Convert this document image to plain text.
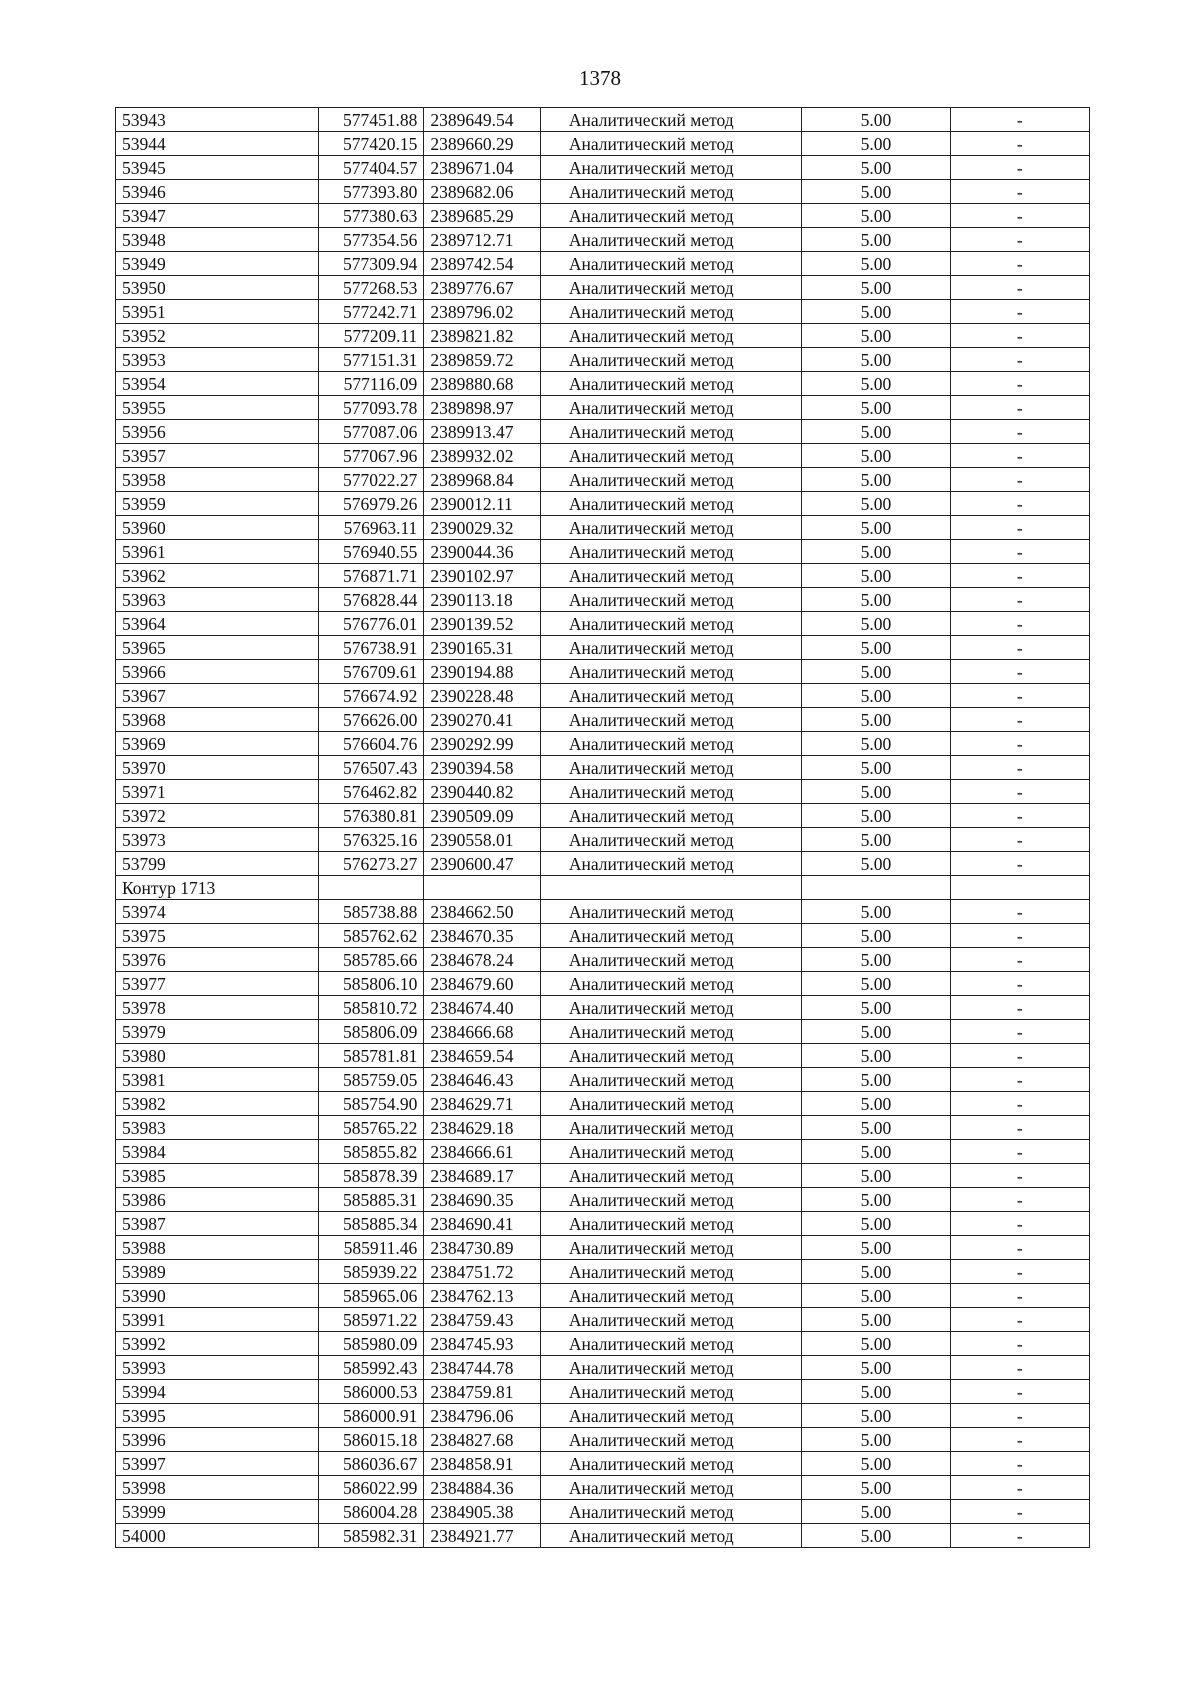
1378
53943	577451.88	2389649.54	Аналитический метод	5.00	-
53944	577420.15	2389660.29	Аналитический метод	5.00	-
53945	577404.57	2389671.04	Аналитический метод	5.00	-
53946	577393.80	2389682.06	Аналитический метод	5.00	-
53947	577380.63	2389685.29	Аналитический метод	5.00	-
53948	577354.56	2389712.71	Аналитический метод	5.00	-
53949	577309.94	2389742.54	Аналитический метод	5.00	-
53950	577268.53	2389776.67	Аналитический метод	5.00	-
53951	577242.71	2389796.02	Аналитический метод	5.00	-
53952	577209.11	2389821.82	Аналитический метод	5.00	-
53953	577151.31	2389859.72	Аналитический метод	5.00	-
53954	577116.09	2389880.68	Аналитический метод	5.00	-
53955	577093.78	2389898.97	Аналитический метод	5.00	-
53956	577087.06	2389913.47	Аналитический метод	5.00	-
53957	577067.96	2389932.02	Аналитический метод	5.00	-
53958	577022.27	2389968.84	Аналитический метод	5.00	-
53959	576979.26	2390012.11	Аналитический метод	5.00	-
53960	576963.11	2390029.32	Аналитический метод	5.00	-
53961	576940.55	2390044.36	Аналитический метод	5.00	-
53962	576871.71	2390102.97	Аналитический метод	5.00	-
53963	576828.44	2390113.18	Аналитический метод	5.00	-
53964	576776.01	2390139.52	Аналитический метод	5.00	-
53965	576738.91	2390165.31	Аналитический метод	5.00	-
53966	576709.61	2390194.88	Аналитический метод	5.00	-
53967	576674.92	2390228.48	Аналитический метод	5.00	-
53968	576626.00	2390270.41	Аналитический метод	5.00	-
53969	576604.76	2390292.99	Аналитический метод	5.00	-
53970	576507.43	2390394.58	Аналитический метод	5.00	-
53971	576462.82	2390440.82	Аналитический метод	5.00	-
53972	576380.81	2390509.09	Аналитический метод	5.00	-
53973	576325.16	2390558.01	Аналитический метод	5.00	-
53799	576273.27	2390600.47	Аналитический метод	5.00	-
Контур 1713					
53974	585738.88	2384662.50	Аналитический метод	5.00	-
53975	585762.62	2384670.35	Аналитический метод	5.00	-
53976	585785.66	2384678.24	Аналитический метод	5.00	-
53977	585806.10	2384679.60	Аналитический метод	5.00	-
53978	585810.72	2384674.40	Аналитический метод	5.00	-
53979	585806.09	2384666.68	Аналитический метод	5.00	-
53980	585781.81	2384659.54	Аналитический метод	5.00	-
53981	585759.05	2384646.43	Аналитический метод	5.00	-
53982	585754.90	2384629.71	Аналитический метод	5.00	-
53983	585765.22	2384629.18	Аналитический метод	5.00	-
53984	585855.82	2384666.61	Аналитический метод	5.00	-
53985	585878.39	2384689.17	Аналитический метод	5.00	-
53986	585885.31	2384690.35	Аналитический метод	5.00	-
53987	585885.34	2384690.41	Аналитический метод	5.00	-
53988	585911.46	2384730.89	Аналитический метод	5.00	-
53989	585939.22	2384751.72	Аналитический метод	5.00	-
53990	585965.06	2384762.13	Аналитический метод	5.00	-
53991	585971.22	2384759.43	Аналитический метод	5.00	-
53992	585980.09	2384745.93	Аналитический метод	5.00	-
53993	585992.43	2384744.78	Аналитический метод	5.00	-
53994	586000.53	2384759.81	Аналитический метод	5.00	-
53995	586000.91	2384796.06	Аналитический метод	5.00	-
53996	586015.18	2384827.68	Аналитический метод	5.00	-
53997	586036.67	2384858.91	Аналитический метод	5.00	-
53998	586022.99	2384884.36	Аналитический метод	5.00	-
53999	586004.28	2384905.38	Аналитический метод	5.00	-
54000	585982.31	2384921.77	Аналитический метод	5.00	-
